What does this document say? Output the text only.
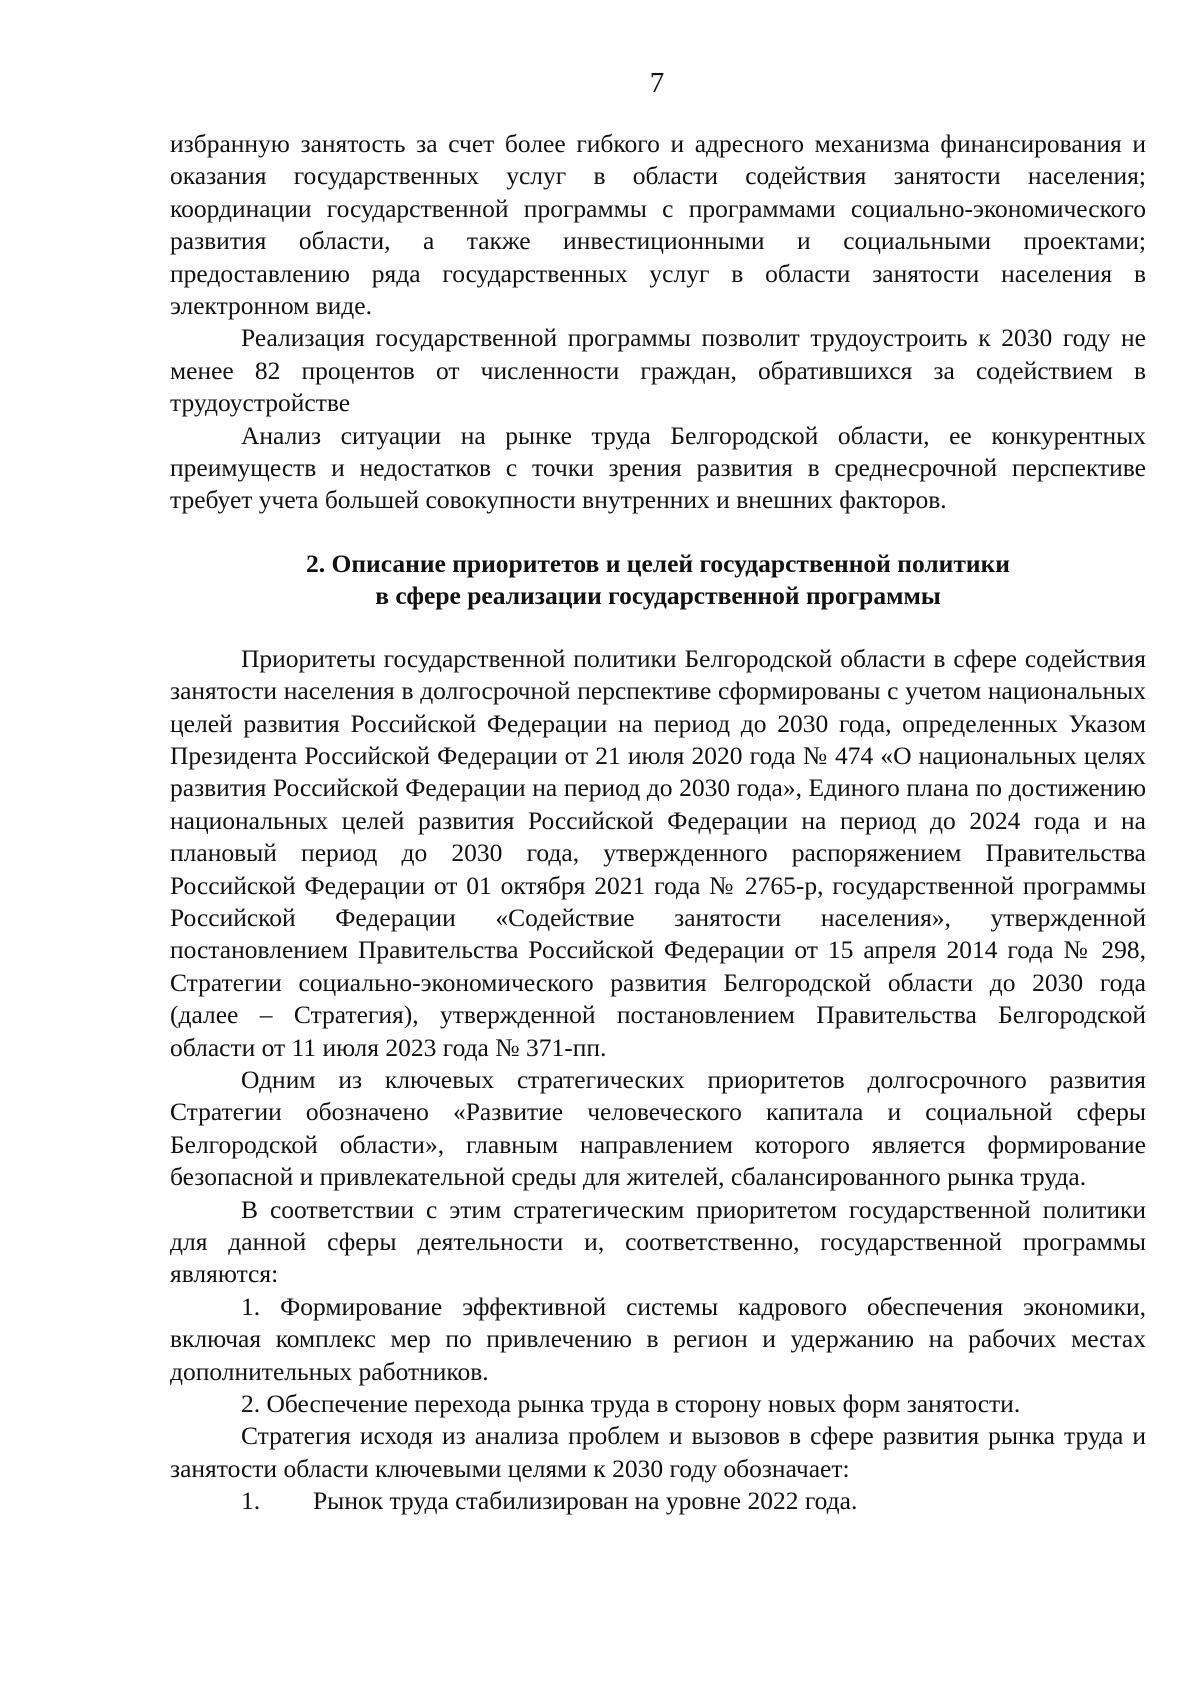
7

избранную занятость за счет более гибкого и адресного механизма финансирования и оказания государственных услуг в области содействия занятости населения; координации государственной программы с программами социально-экономического развития области, а также инвестиционными и социальными проектами; предоставлению ряда государственных услуг в области занятости населения в электронном виде.

Реализация государственной программы позволит трудоустроить к 2030 году не менее 82 процентов от численности граждан, обратившихся за содействием в трудоустройстве

Анализ ситуации на рынке труда Белгородской области, ее конкурентных преимуществ и недостатков с точки зрения развития в среднесрочной перспективе требует учета большей совокупности внутренних и внешних факторов.

2. Описание приоритетов и целей государственной политики
в сфере реализации государственной программы

Приоритеты государственной политики Белгородской области в сфере содействия занятости населения в долгосрочной перспективе сформированы с учетом национальных целей развития Российской Федерации на период до 2030 года, определенных Указом Президента Российской Федерации от 21 июля 2020 года № 474 «О национальных целях развития Российской Федерации на период до 2030 года», Единого плана по достижению национальных целей развития Российской Федерации на период до 2024 года и на плановый период до 2030 года, утвержденного распоряжением Правительства Российской Федерации от 01 октября 2021 года № 2765-р, государственной программы Российской Федерации «Содействие занятости населения», утвержденной постановлением Правительства Российской Федерации от 15 апреля 2014 года № 298, Стратегии социально-экономического развития Белгородской области до 2030 года (далее – Стратегия), утвержденной постановлением Правительства Белгородской области от 11 июля 2023 года № 371-пп.

Одним из ключевых стратегических приоритетов долгосрочного развития Стратегии обозначено «Развитие человеческого капитала и социальной сферы Белгородской области», главным направлением которого является формирование безопасной и привлекательной среды для жителей, сбалансированного рынка труда.

В соответствии с этим стратегическим приоритетом государственной политики для данной сферы деятельности и, соответственно, государственной программы являются:

1. Формирование эффективной системы кадрового обеспечения экономики, включая комплекс мер по привлечению в регион и удержанию на рабочих местах дополнительных работников.

2. Обеспечение перехода рынка труда в сторону новых форм занятости.

Стратегия исходя из анализа проблем и вызовов в сфере развития рынка труда и занятости области ключевыми целями к 2030 году обозначает:

1. Рынок труда стабилизирован на уровне 2022 года.
